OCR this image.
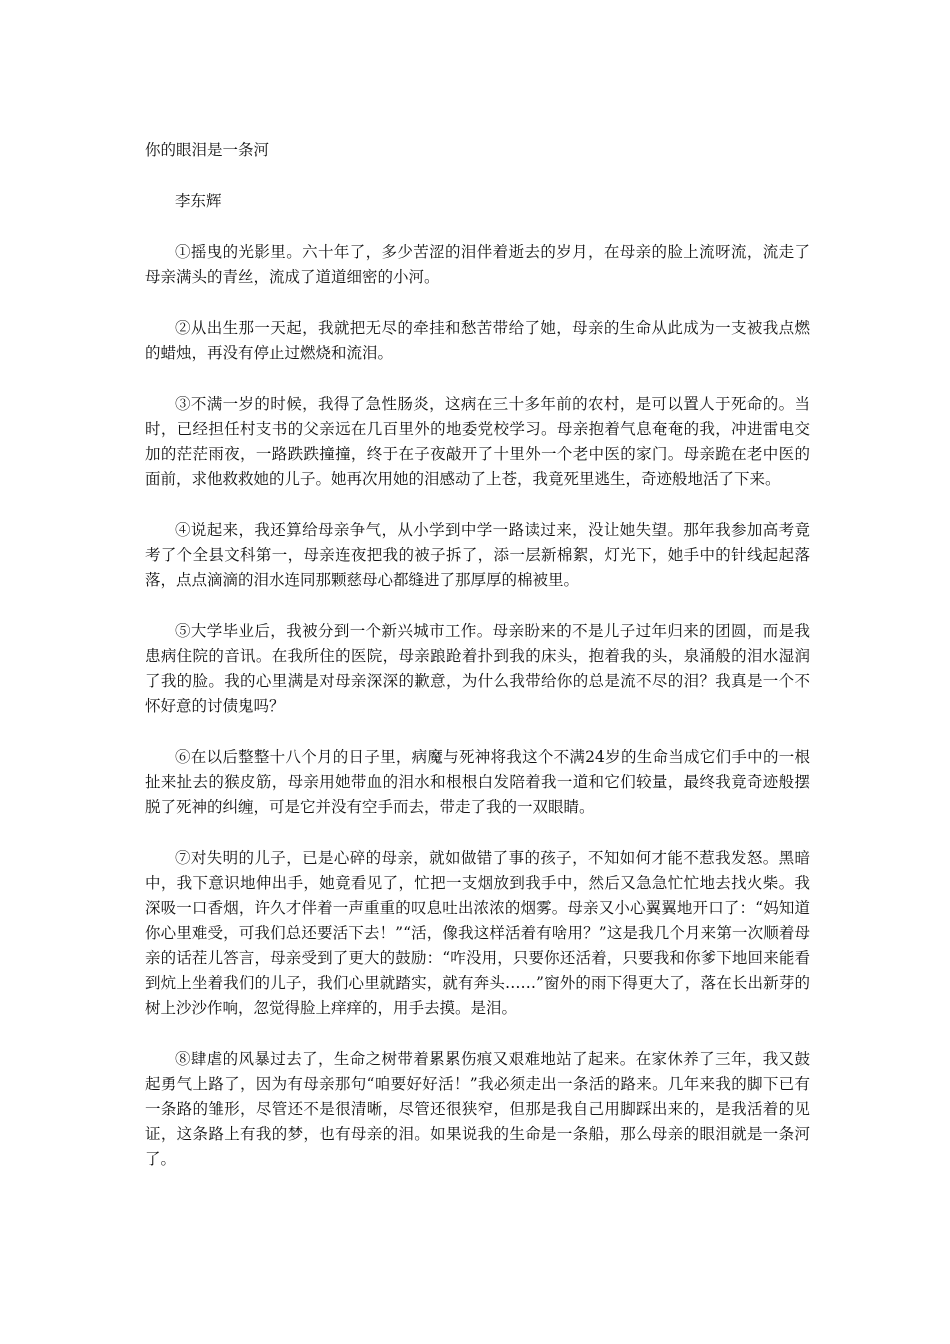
你的眼泪是一条河
李东辉

①摇曳的光影里。六十年了，多少苦涩的泪伴着逝去的岁月，在母亲的脸上流呀流，流走了母亲满头的青丝，流成了道道细密的小河。

②从出生那一天起，我就把无尽的牵挂和愁苦带给了她，母亲的生命从此成为一支被我点燃的蜡烛，再没有停止过燃烧和流泪。

③不满一岁的时候，我得了急性肠炎，这病在三十多年前的农村，是可以置人于死命的。当时，已经担任村支书的父亲远在几百里外的地委党校学习。母亲抱着气息奄奄的我，冲进雷电交加的茫茫雨夜，一路跌跌撞撞，终于在子夜敲开了十里外一个老中医的家门。母亲跪在老中医的面前，求他救救她的儿子。她再次用她的泪感动了上苍，我竟死里逃生，奇迹般地活了下来。

④说起来，我还算给母亲争气，从小学到中学一路读过来，没让她失望。那年我参加高考竟考了个全县文科第一，母亲连夜把我的被子拆了，添一层新棉絮，灯光下，她手中的针线起起落落，点点滴滴的泪水连同那颗慈母心都缝进了那厚厚的棉被里。

⑤大学毕业后，我被分到一个新兴城市工作。母亲盼来的不是儿子过年归来的团圆，而是我患病住院的音讯。在我所住的医院，母亲踉跄着扑到我的床头，抱着我的头，泉涌般的泪水湿润了我的脸。我的心里满是对母亲深深的歉意，为什么我带给你的总是流不尽的泪？我真是一个不怀好意的讨债鬼吗？

⑥在以后整整十八个月的日子里，病魔与死神将我这个不满24岁的生命当成它们手中的一根扯来扯去的猴皮筋，母亲用她带血的泪水和根根白发陪着我一道和它们较量，最终我竟奇迹般摆脱了死神的纠缠，可是它并没有空手而去，带走了我的一双眼睛。

⑦对失明的儿子，已是心碎的母亲，就如做错了事的孩子，不知如何才能不惹我发怒。黑暗中，我下意识地伸出手，她竟看见了，忙把一支烟放到我手中，然后又急急忙忙地去找火柴。我深吸一口香烟，许久才伴着一声重重的叹息吐出浓浓的烟雾。母亲又小心翼翼地开口了：“妈知道你心里难受，可我们总还要活下去！”“活，像我这样活着有啥用？”这是我几个月来第一次顺着母亲的话茬儿答言，母亲受到了更大的鼓励：“咋没用，只要你还活着，只要我和你爹下地回来能看到炕上坐着我们的儿子，我们心里就踏实，就有奔头……”窗外的雨下得更大了，落在长出新芽的树上沙沙作响，忽觉得脸上痒痒的，用手去摸。是泪。

⑧肆虐的风暴过去了，生命之树带着累累伤痕又艰难地站了起来。在家休养了三年，我又鼓起勇气上路了，因为有母亲那句“咱要好好活！”我必须走出一条活的路来。几年来我的脚下已有一条路的雏形，尽管还不是很清晰，尽管还很狭窄，但那是我自己用脚踩出来的，是我活着的见证，这条路上有我的梦，也有母亲的泪。如果说我的生命是一条船，那么母亲的眼泪就是一条河了。
